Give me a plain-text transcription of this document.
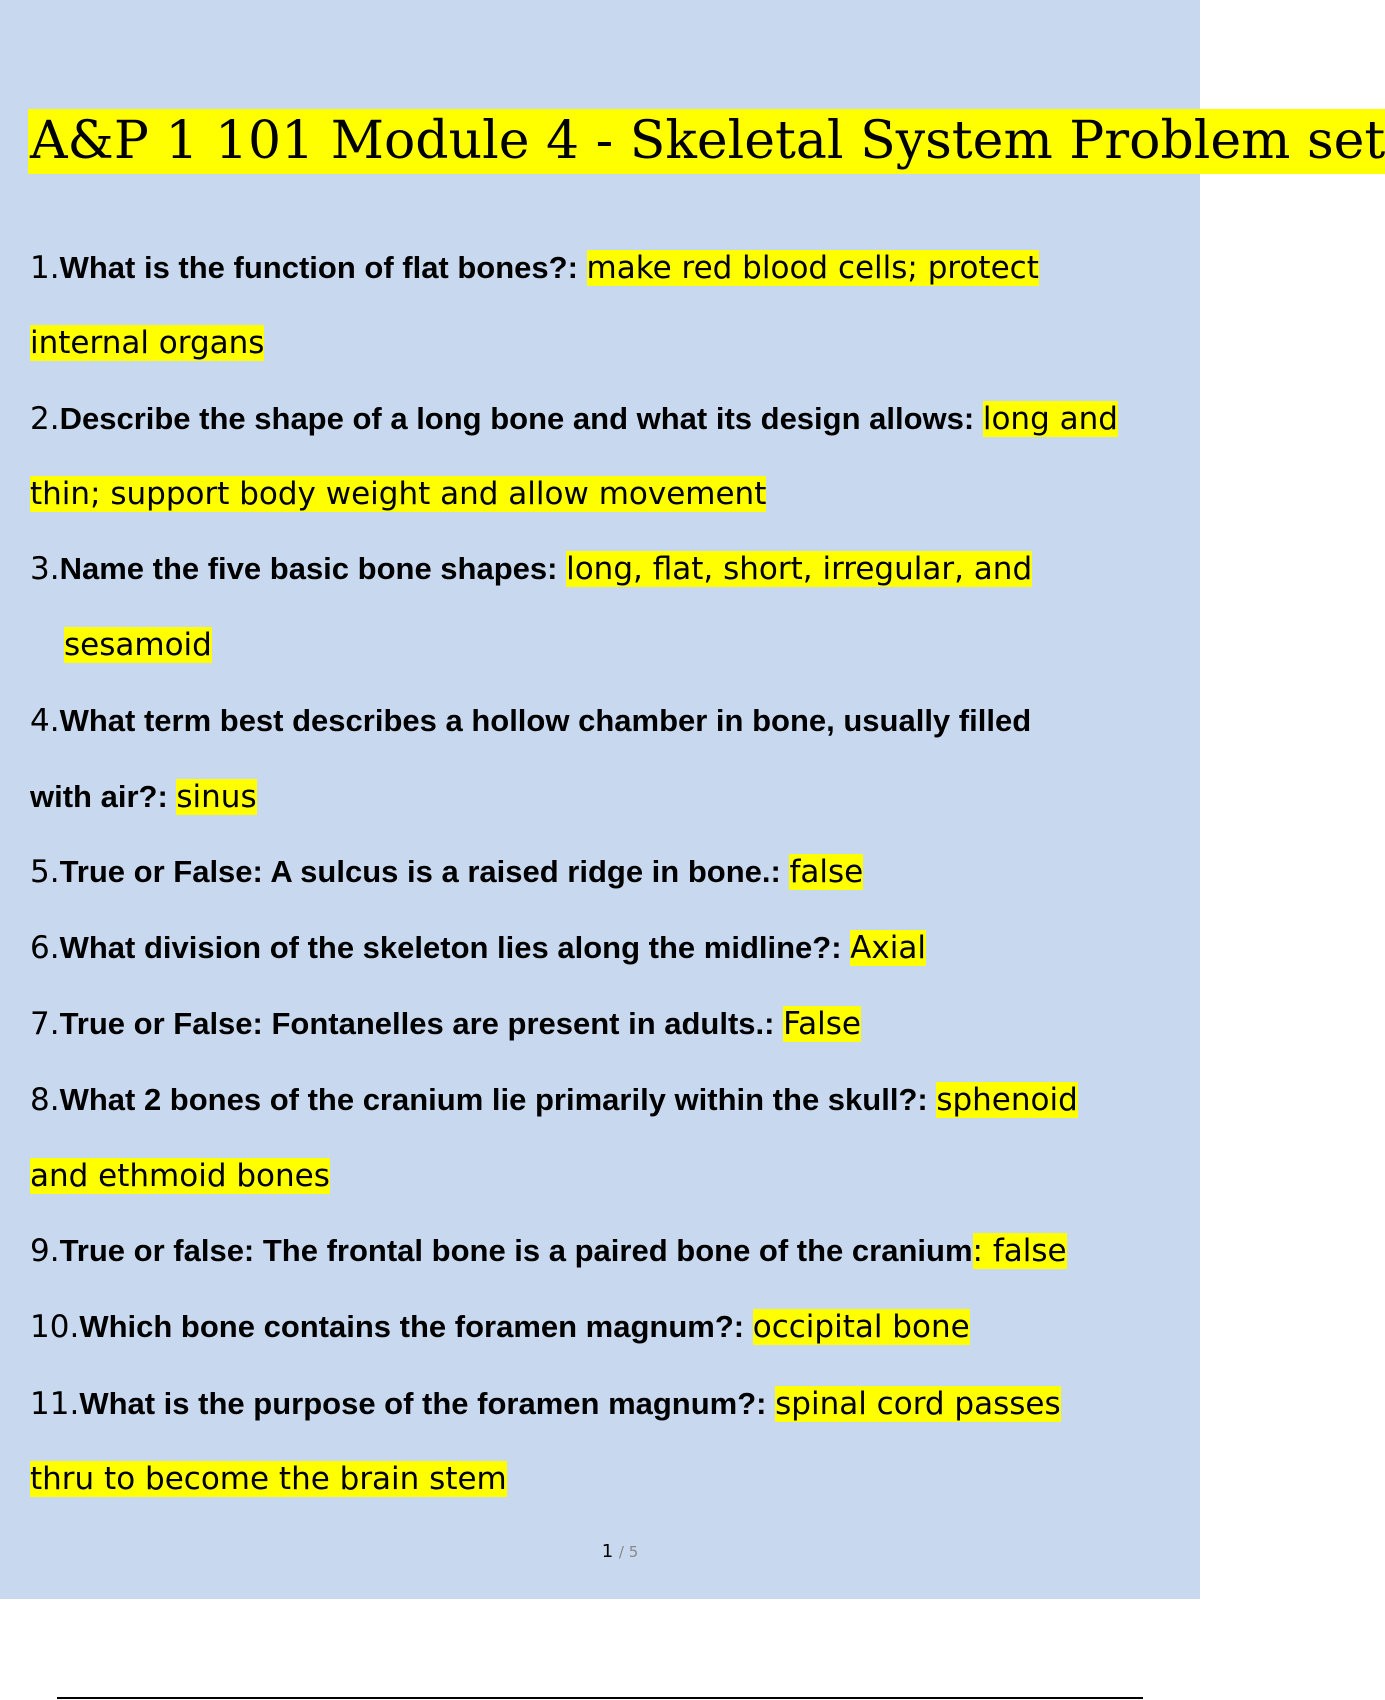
A&P 1 101 Module 4 - Skeletal System Problem set
1.What is the function of flat bones?: make red blood cells; protect
internal organs
2.Describe the shape of a long bone and what its design allows: long and
thin; support body weight and allow movement
3.Name the five basic bone shapes: long, flat, short, irregular, and
sesamoid
4.What term best describes a hollow chamber in bone, usually filled
with air?: sinus
5.True or False: A sulcus is a raised ridge in bone.: false
6.What division of the skeleton lies along the midline?: Axial
7.True or False: Fontanelles are present in adults.: False
8.What 2 bones of the cranium lie primarily within the skull?: sphenoid
and ethmoid bones
9.True or false: The frontal bone is a paired bone of the cranium: false
10.Which bone contains the foramen magnum?: occipital bone
11.What is the purpose of the foramen magnum?: spinal cord passes
thru to become the brain stem
1 / 5
